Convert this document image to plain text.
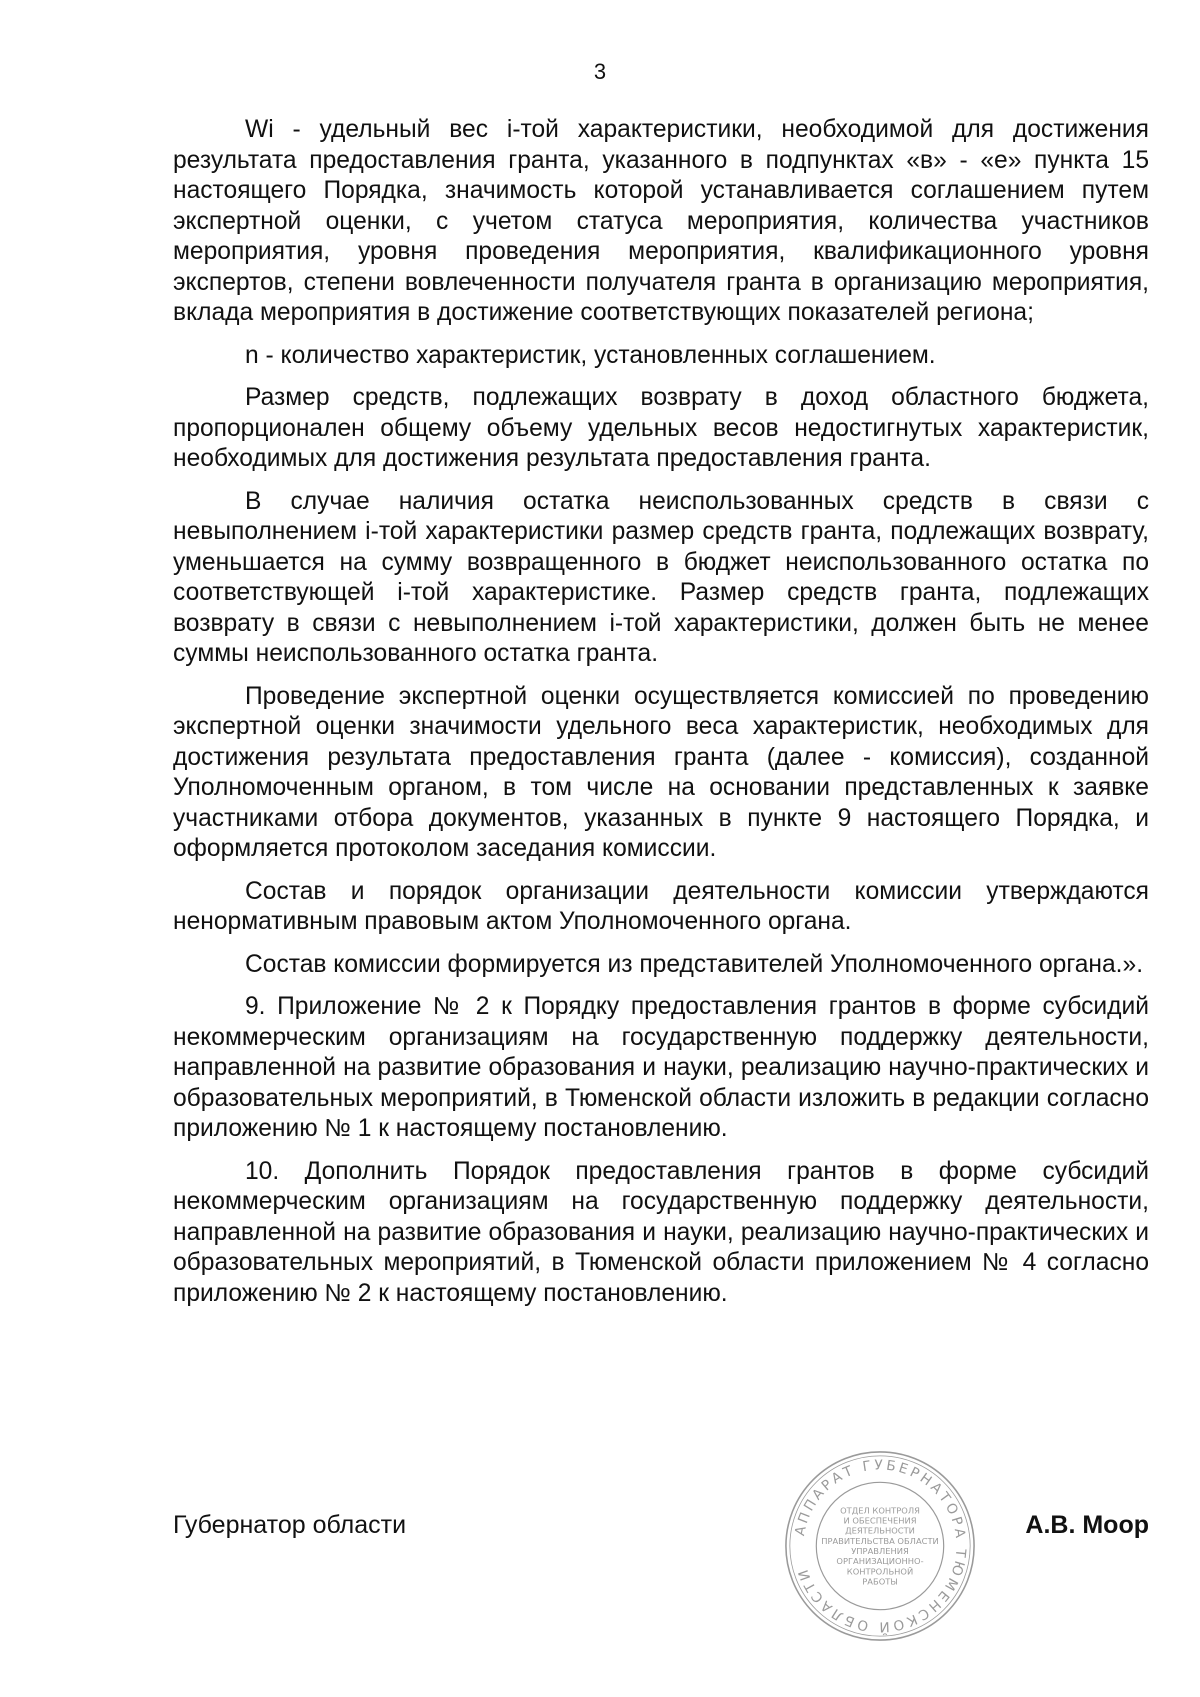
3

Wi - удельный вес i-той характеристики, необходимой для достижения результата предоставления гранта, указанного в подпунктах «в» - «е» пункта 15 настоящего Порядка, значимость которой устанавливается соглашением путем экспертной оценки, с учетом статуса мероприятия, количества участников мероприятия, уровня проведения мероприятия, квалификационного уровня экспертов, степени вовлеченности получателя гранта в организацию мероприятия, вклада мероприятия в достижение соответствующих показателей региона;

n - количество характеристик, установленных соглашением.

Размер средств, подлежащих возврату в доход областного бюджета, пропорционален общему объему удельных весов недостигнутых характеристик, необходимых для достижения результата предоставления гранта.

В случае наличия остатка неиспользованных средств в связи с невыполнением i-той характеристики размер средств гранта, подлежащих возврату, уменьшается на сумму возвращенного в бюджет неиспользованного остатка по соответствующей i-той характеристике. Размер средств гранта, подлежащих возврату в связи с невыполнением i-той характеристики, должен быть не менее суммы неиспользованного остатка гранта.

Проведение экспертной оценки осуществляется комиссией по проведению экспертной оценки значимости удельного веса характеристик, необходимых для достижения результата предоставления гранта (далее - комиссия), созданной Уполномоченным органом, в том числе на основании представленных к заявке участниками отбора документов, указанных в пункте 9 настоящего Порядка, и оформляется протоколом заседания комиссии.

Состав и порядок организации деятельности комиссии утверждаются ненормативным правовым актом Уполномоченного органа.

Состав комиссии формируется из представителей Уполномоченного органа.».

9. Приложение № 2 к Порядку предоставления грантов в форме субсидий некоммерческим организациям на государственную поддержку деятельности, направленной на развитие образования и науки, реализацию научно-практических и образовательных мероприятий, в Тюменской области изложить в редакции согласно приложению № 1 к настоящему постановлению.

10. Дополнить Порядок предоставления грантов в форме субсидий некоммерческим организациям на государственную поддержку деятельности, направленной на развитие образования и науки, реализацию научно-практических и образовательных мероприятий, в Тюменской области приложением № 4 согласно приложению № 2 к настоящему постановлению.

Губернатор области	А.В. Моор
АППАРАТ ГУБЕРНАТОРА ТЮМЕНСКОЙ ОБЛАСТИ
ОТДЕЛ КОНТРОЛЯ
И ОБЕСПЕЧЕНИЯ
ДЕЯТЕЛЬНОСТИ
ПРАВИТЕЛЬСТВА ОБЛАСТИ
УПРАВЛЕНИЯ
ОРГАНИЗАЦИОННО-
КОНТРОЛЬНОЙ
РАБОТЫ
